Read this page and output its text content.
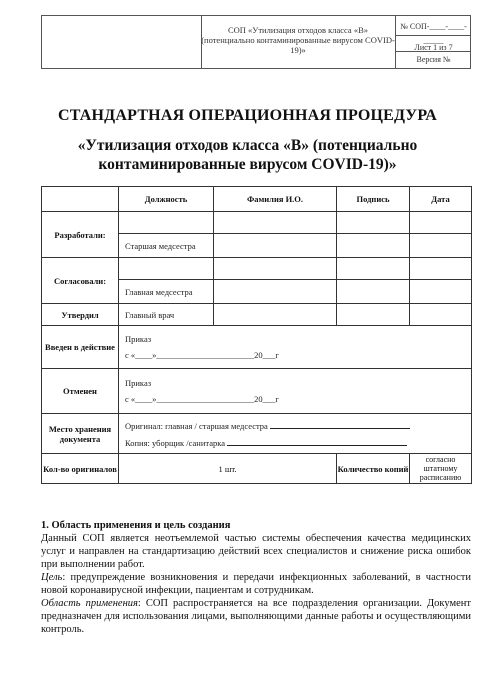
СОП «Утилизация отходов класса «В» (потенциально контаминированные вирусом COVID-19)»
№ СОП-____-____-_____
Лист 1 из 7
Версия №
СТАНДАРТНАЯ ОПЕРАЦИОННАЯ ПРОЦЕДУРА
«Утилизация отходов класса «В» (потенциально
контаминированные вирусом COVID-19)»
	Должность	Фамилия И.О.	Подпись	Дата
Разработали:				
	Старшая медсестра			
Согласовали:				
	Главная медсестра			
Утвердил	Главный врач			
Введен в действие	Приказ
с «____»_______________________20___г			

Отменен	Приказ
с «____»_______________________20___г			

Место хранения документа	Оригинал: главная / старшая медсестра
Копия: уборщик /санитарка			

Кол-во оригиналов	1 шт.		Количество копий	согласно штатному расписанию
1. Область применения и цель создания
Данный СОП является неотъемлемой частью системы обеспечения качества медицинских услуг и направлен на стандартизацию действий всех специалистов и снижение риска ошибок при выполнении работ.
Цель: предупреждение возникновения и передачи инфекционных заболеваний, в частности новой коронавирусной инфекции, пациентам и сотрудникам.
Область применения: СОП распространяется на все подразделения организации. Документ предназначен для использования лицами, выполняющими данные работы и осуществляющими контроль.
